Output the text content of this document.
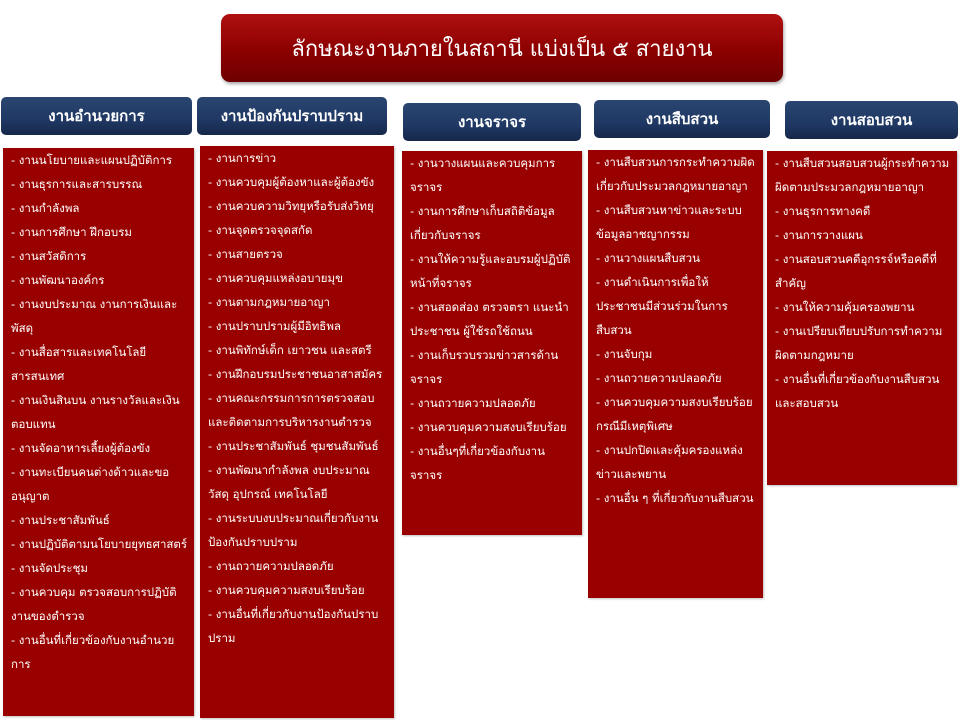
ลักษณะงานภายในสถานี แบ่งเป็น ๕ สายงาน
งานอำนวยการ	งานป้องกันปราบปราม	งานจราจร	งานสืบสวน	งานสอบสวน
- งานนโยบายและแผนปฏิบัติการ
- งานธุรการและสารบรรณ
- งานกำลังพล
- งานการศึกษา ฝึกอบรม
- งานสวัสดิการ
- งานพัฒนาองค์กร
- งานงบประมาณ งานการเงินและพัสดุ
- งานสื่อสารและเทคโนโลยีสารสนเทศ
- งานเงินสินบน งานรางวัลและเงินตอบแทน
- งานจัดอาหารเลี้ยงผู้ต้องขัง
- งานทะเบียนคนต่างด้าวและขออนุญาต
- งานประชาสัมพันธ์
- งานปฏิบัติตามนโยบายยุทธศาสตร์
- งานจัดประชุม
- งานควบคุม ตรวจสอบการปฏิบัติงานของตำรวจ
- งานอื่นที่เกี่ยวข้องกับงานอำนวยการ
- งานการข่าว
- งานควบคุมผู้ต้องหาและผู้ต้องขัง
- งานควบความวิทยุหรือรับส่งวิทยุ
- งานจุดตรวจจุดสกัด
- งานสายตรวจ
- งานควบคุมแหล่งอบายมุข
- งานตามกฎหมายอาญา
- งานปราบปรามผู้มีอิทธิพล
- งานพิทักษ์เด็ก เยาวชน และสตรี
- งานฝึกอบรมประชาชนอาสาสมัคร
- งานคณะกรรมการการตรวจสอบและติดตามการบริหารงานตำรวจ
- งานประชาสัมพันธ์ ชุมชนสัมพันธ์
- งานพัฒนากำลังพล งบประมาณ วัสดุ อุปกรณ์ เทคโนโลยี
- งานระบบงบประมาณเกี่ยวกับงานป้องกันปราบปราม
- งานถวายความปลอดภัย
- งานควบคุมความสงบเรียบร้อย
- งานอื่นที่เกี่ยวกับงานป้องกันปราบปราม
- งานวางแผนและควบคุมการจราจร
- งานการศึกษาเก็บสถิติข้อมูลเกี่ยวกับจราจร
- งานให้ความรู้และอบรมผู้ปฏิบัติหน้าที่จราจร
- งานสอดส่อง ตรวจตรา แนะนำประชาชน ผู้ใช้รถใช้ถนน
- งานเก็บรวบรวมข่าวสารด้านจราจร
- งานถวายความปลอดภัย
- งานควบคุมความสงบเรียบร้อย
- งานอื่นๆที่เกี่ยวข้องกับงานจราจร
- งานสืบสวนการกระทำความผิดเกี่ยวกับประมวลกฎหมายอาญา
- งานสืบสวนหาข่าวและระบบข้อมูลอาชญากรรม
- งานวางแผนสืบสวน
- งานดำเนินการเพื่อให้ประชาชนมีส่วนร่วมในการสืบสวน
- งานจับกุม
- งานถวายความปลอดภัย
- งานควบคุมความสงบเรียบร้อยกรณีมีเหตุพิเศษ
- งานปกปิดและคุ้มครองแหล่งข่าวและพยาน
- งานอื่น ๆ ที่เกี่ยวกับงานสืบสวน
- งานสืบสวนสอบสวนผู้กระทำความผิดตามประมวลกฎหมายอาญา
- งานธุรการทางคดี
- งานการวางแผน
- งานสอบสวนคดีอุกรรจ์หรือคดีที่สำคัญ
- งานให้ความคุ้มครองพยาน
- งานเปรียบเทียบปรับการทำความผิดตามกฎหมาย
- งานอื่นที่เกี่ยวข้องกับงานสืบสวนและสอบสวน
